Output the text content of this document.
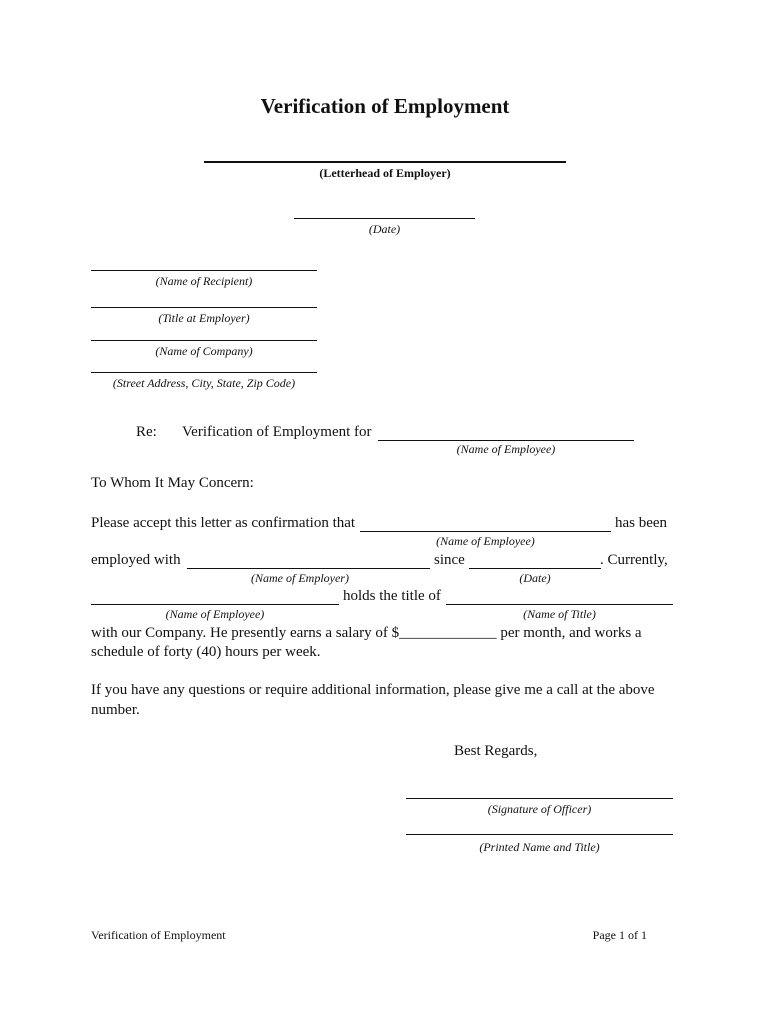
Verification of Employment
(Letterhead of Employer)
(Date)
(Name of Recipient)
(Title at Employer)
(Name of Company)
(Street Address, City, State, Zip Code)
Re: Verification of Employment for
(Name of Employee)
To Whom It May Concern:
Please accept this letter as confirmation that	has been
(Name of Employee)
employed with	since	. Currently,
(Name of Employer)	(Date)
holds the title of
(Name of Employee)	(Name of Title)
with our Company. He presently earns a salary of $_____________ per month, and works a
schedule of forty (40) hours per week.
If you have any questions or require additional information, please give me a call at the above
number.
Best Regards,
(Signature of Officer)
(Printed Name and Title)
Verification of Employment	Page 1 of 1
